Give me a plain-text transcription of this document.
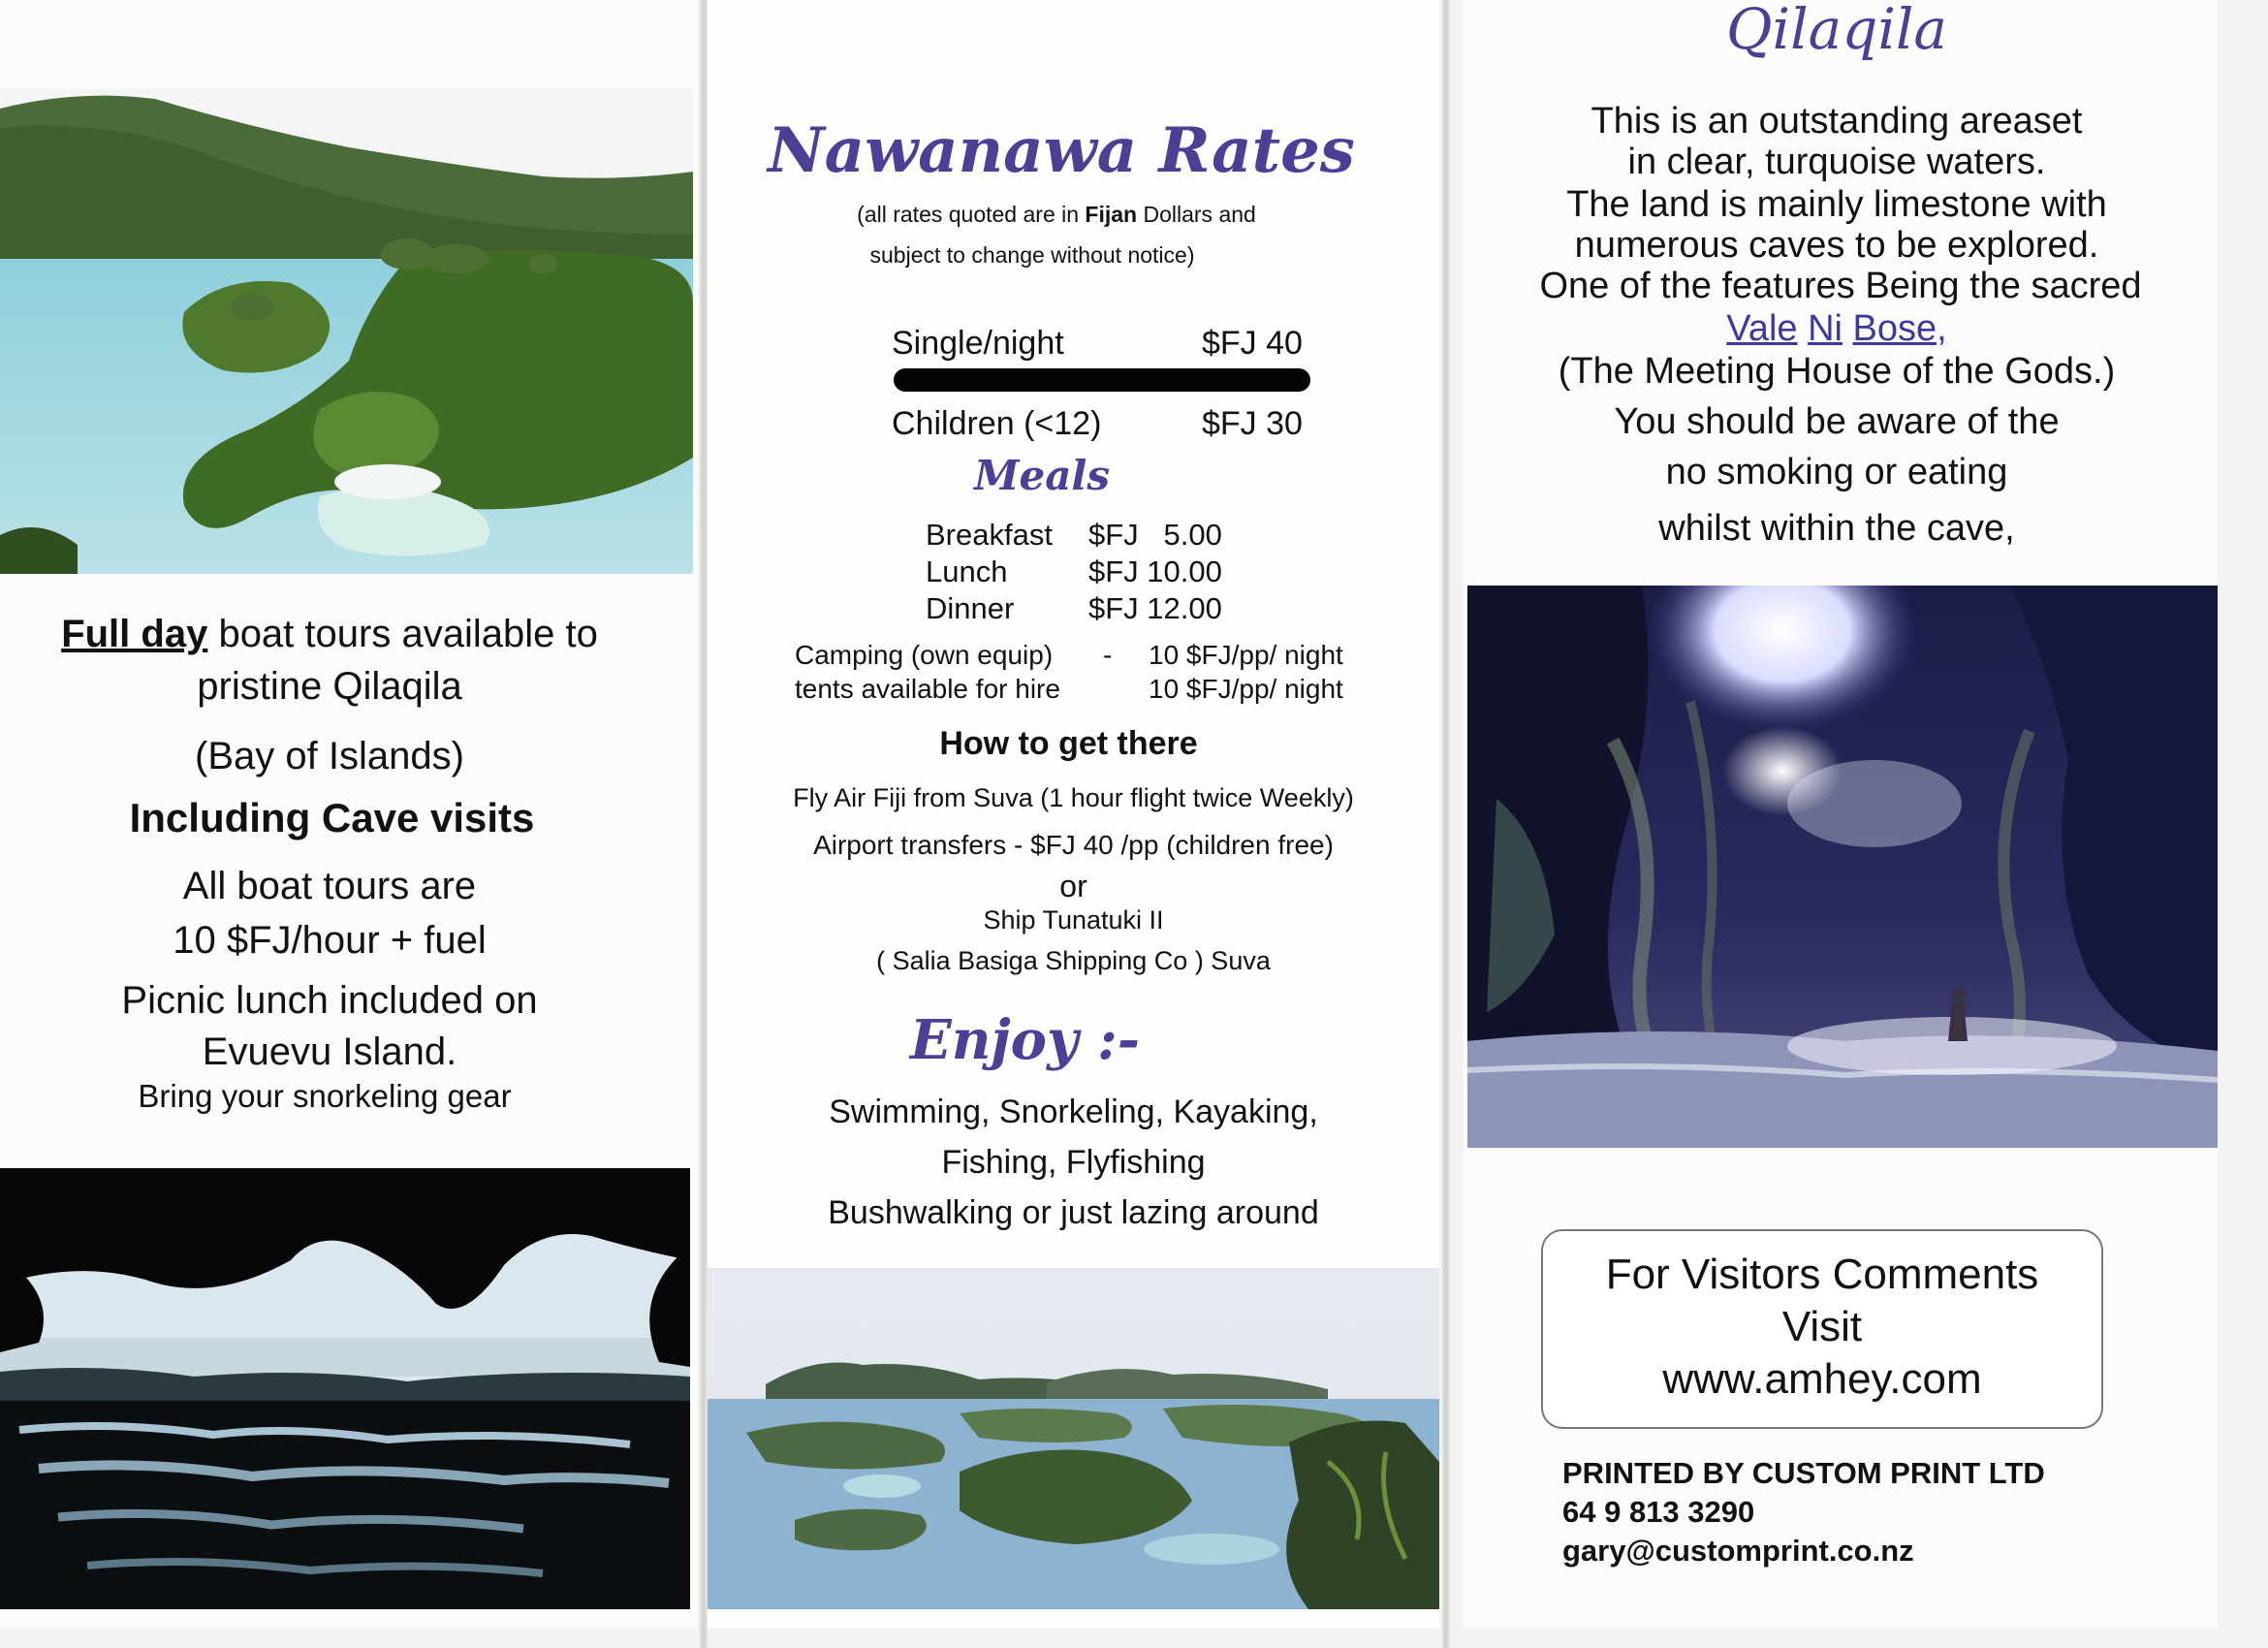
Full day boat tours available to
pristine Qilaqila
(Bay of Islands)
Including Cave visits
All boat tours are
10 $FJ/hour + fuel
Picnic lunch included on
Evuevu Island.
Bring your snorkeling gear
Nawanawa Rates
(all rates quoted are in Fijan Dollars and
subject to change without notice)
Single/night	$FJ 40
Children (<12)	$FJ 30
Meals
Breakfast $FJ   5.00
Lunch	$FJ 10.00
Dinner $FJ 12.00
Camping (own equip) - 10 $FJ/pp/ night
tents available for hire	10 $FJ/pp/ night
How to get there
Fly Air Fiji from Suva (1 hour flight twice Weekly)
Airport transfers - $FJ 40 /pp (children free)
or
Ship Tunatuki II
( Salia Basiga Shipping Co ) Suva
Enjoy :-
Swimming, Snorkeling, Kayaking,
Fishing, Flyfishing
Bushwalking or just lazing around
Qilaqila
This is an outstanding areaset
in clear, turquoise waters.
The land is mainly limestone with
numerous caves to be explored.
One of the features Being the sacred
Vale Ni Bose,
(The Meeting House of the Gods.)
You should be aware of the
no smoking or eating
whilst within the cave,
For Visitors Comments
Visit
www.amhey.com
PRINTED BY CUSTOM PRINT LTD
64 9 813 3290
gary@customprint.co.nz
